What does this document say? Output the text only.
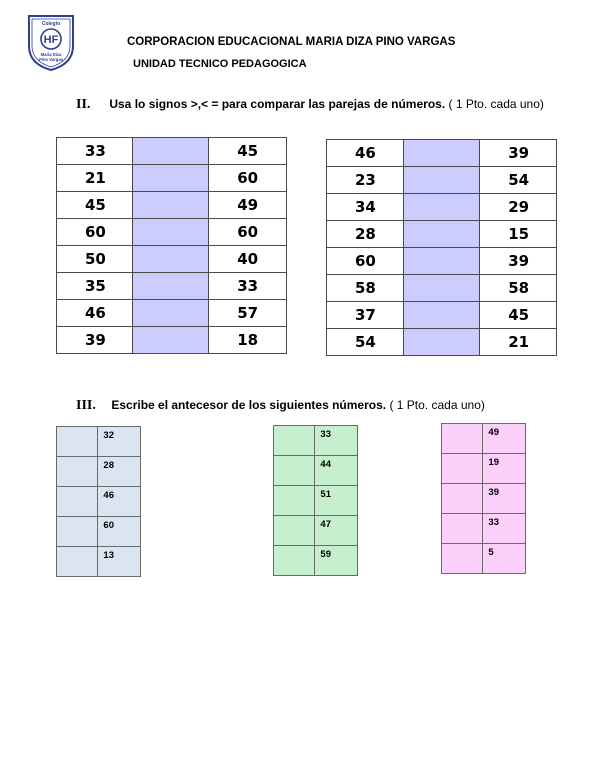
Colegio
HF
Maria Diza
Pino Vargas
CORPORACION EDUCACIONAL MARIA DIZA PINO VARGAS
UNIDAD TECNICO PEDAGOGICA
II. Usa lo signos >,< = para comparar las parejas de números. ( 1 Pto. cada uno)
33		45
21		60
45		49
60		60
50		40
35		33
46		57
39		18
46		39
23		54
34		29
28		15
60		39
58		58
37		45
54		21
III. Escribe el antecesor de los siguientes números. ( 1 Pto. cada uno)
	32
	28
	46
	60
	13
	33
	44
	51
	47
	59
	49
	19
	39
	33
	5
